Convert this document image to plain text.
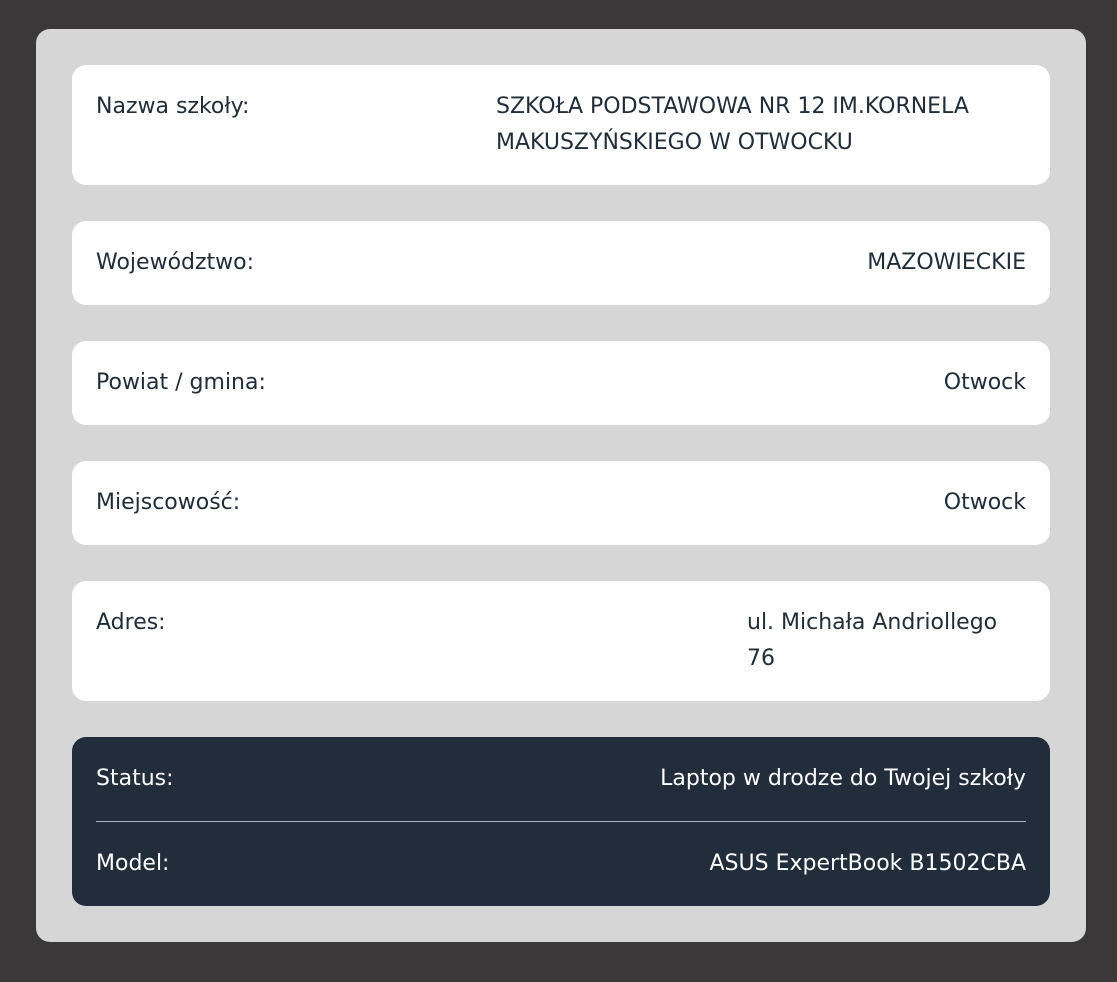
Nazwa szkoły:	SZKOŁA PODSTAWOWA NR 12 IM.KORNELA
MAKUSZYŃSKIEGO W OTWOCKU
Województwo:	MAZOWIECKIE
Powiat / gmina:	Otwock
Miejscowość:	Otwock
Adres:	ul. Michała Andriollego
76
Status:	Laptop w drodze do Twojej szkoły
Model:	ASUS ExpertBook B1502CBA
